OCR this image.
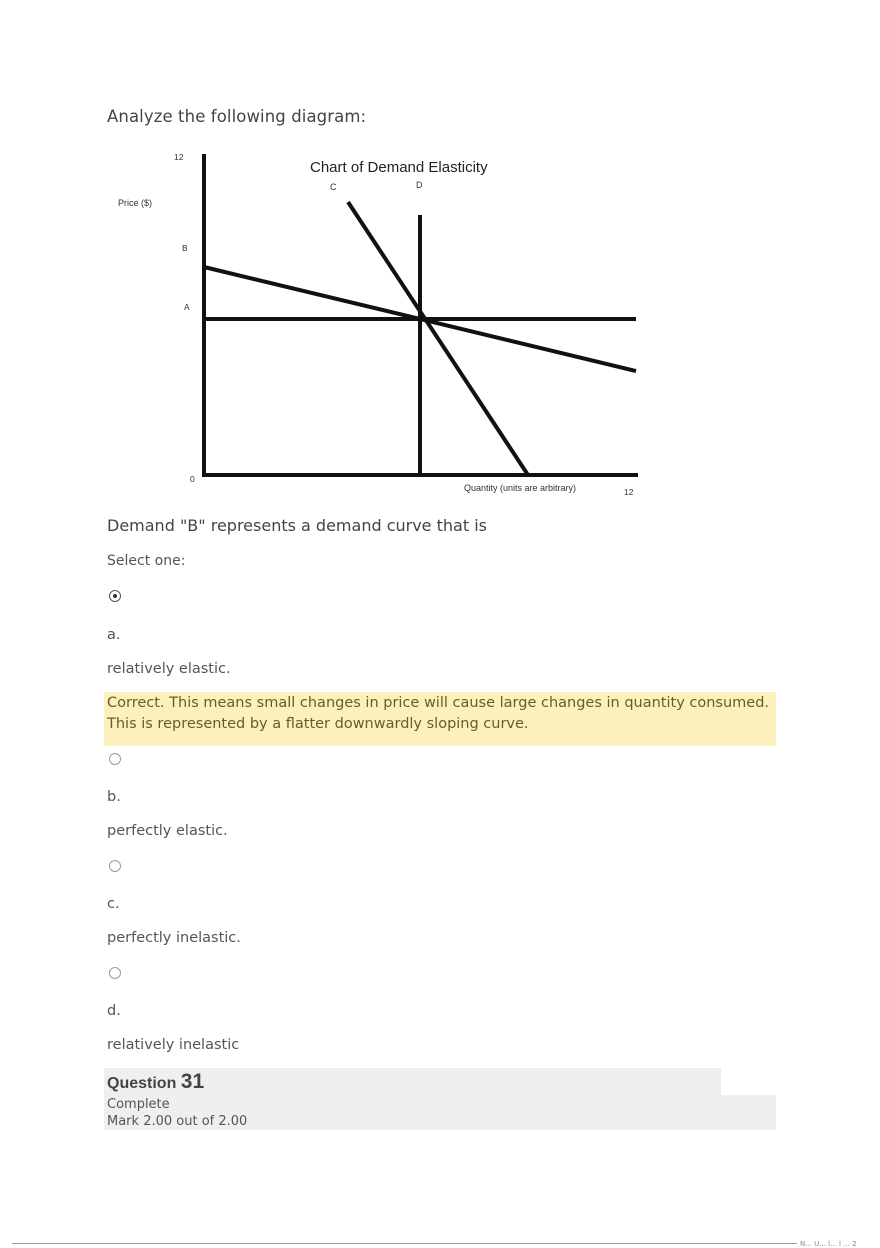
Analyze the following diagram:
Chart of Demand Elasticity
Price ($)
Quantity (units are arbitrary)
12
B
A
0
12
C	D
Demand "B" represents a demand curve that is
Select one:
a.
relatively elastic.
Correct. This means small changes in price will cause large changes in quantity consumed. This is represented by a flatter downwardly sloping curve.
b.
perfectly elastic.
c.
perfectly inelastic.
d.
relatively inelastic
Question 31
Complete
Mark 2.00 out of 2.00
N... U... l... l ... 2
